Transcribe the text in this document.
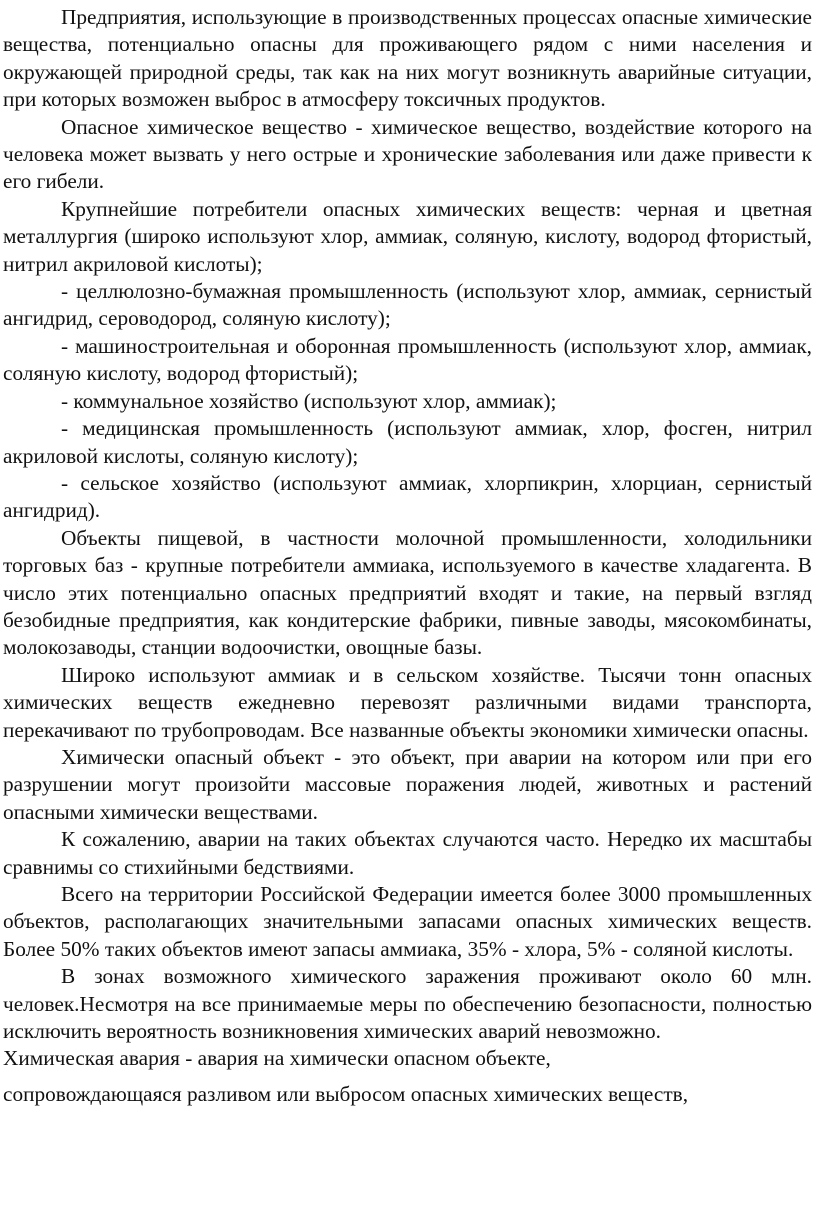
Предприятия, использующие в производственных процессах опасные химические вещества, потенциально опасны для проживающего рядом с ними населения и окружающей природной среды, так как на них могут возникнуть аварийные ситуации, при которых возможен выброс в атмосферу токсичных продуктов.

Опасное химическое вещество - химическое вещество, воздействие которого на человека может вызвать у него острые и хронические заболевания или даже привести к его гибели.

Крупнейшие потребители опасных химических веществ: черная и цветная металлургия (широко используют хлор, аммиак, соляную, кислоту, водород фтористый, нитрил акриловой кислоты);

- целлюлозно-бумажная промышленность (используют хлор, аммиак, сернистый ангидрид, сероводород, соляную кислоту);

- машиностроительная и оборонная промышленность (используют хлор, аммиак, соляную кислоту, водород фтористый);

- коммунальное хозяйство (используют хлор, аммиак);

- медицинская промышленность (используют аммиак, хлор, фосген, нитрил акриловой кислоты, соляную кислоту);

- сельское хозяйство (используют аммиак, хлорпикрин, хлорциан, сернистый ангидрид).

Объекты пищевой, в частности молочной промышленности, холодильники торговых баз - крупные потребители аммиака, используемого в качестве хладагента. В число этих потенциально опасных предприятий входят и такие, на первый взгляд безобидные предприятия, как кондитерские фабрики, пивные заводы, мясокомбинаты, молокозаводы, станции водоочистки, овощные базы.

Широко используют аммиак и в сельском хозяйстве. Тысячи тонн опасных химических веществ ежедневно перевозят различными видами транспорта, перекачивают по трубопроводам. Все названные объекты экономики химически опасны.

Химически опасный объект - это объект, при аварии на котором или при его разрушении могут произойти массовые поражения людей, животных и растений опасными химически веществами.

К сожалению, аварии на таких объектах случаются часто. Нередко их масштабы сравнимы со стихийными бедствиями.

Всего на территории Российской Федерации имеется более 3000 промышленных объектов, располагающих значительными запасами опасных химических веществ. Более 50% таких объектов имеют запасы аммиака, 35% - хлора, 5% - соляной кислоты.

В зонах возможного химического заражения проживают около 60 млн. человек.Несмотря на все принимаемые меры по обеспечению безопасности, полностью исключить вероятность возникновения химических аварий невозможно.

Химическая авария - авария на химически опасном объекте,

сопровождающаяся разливом или выбросом опасных химических веществ,
